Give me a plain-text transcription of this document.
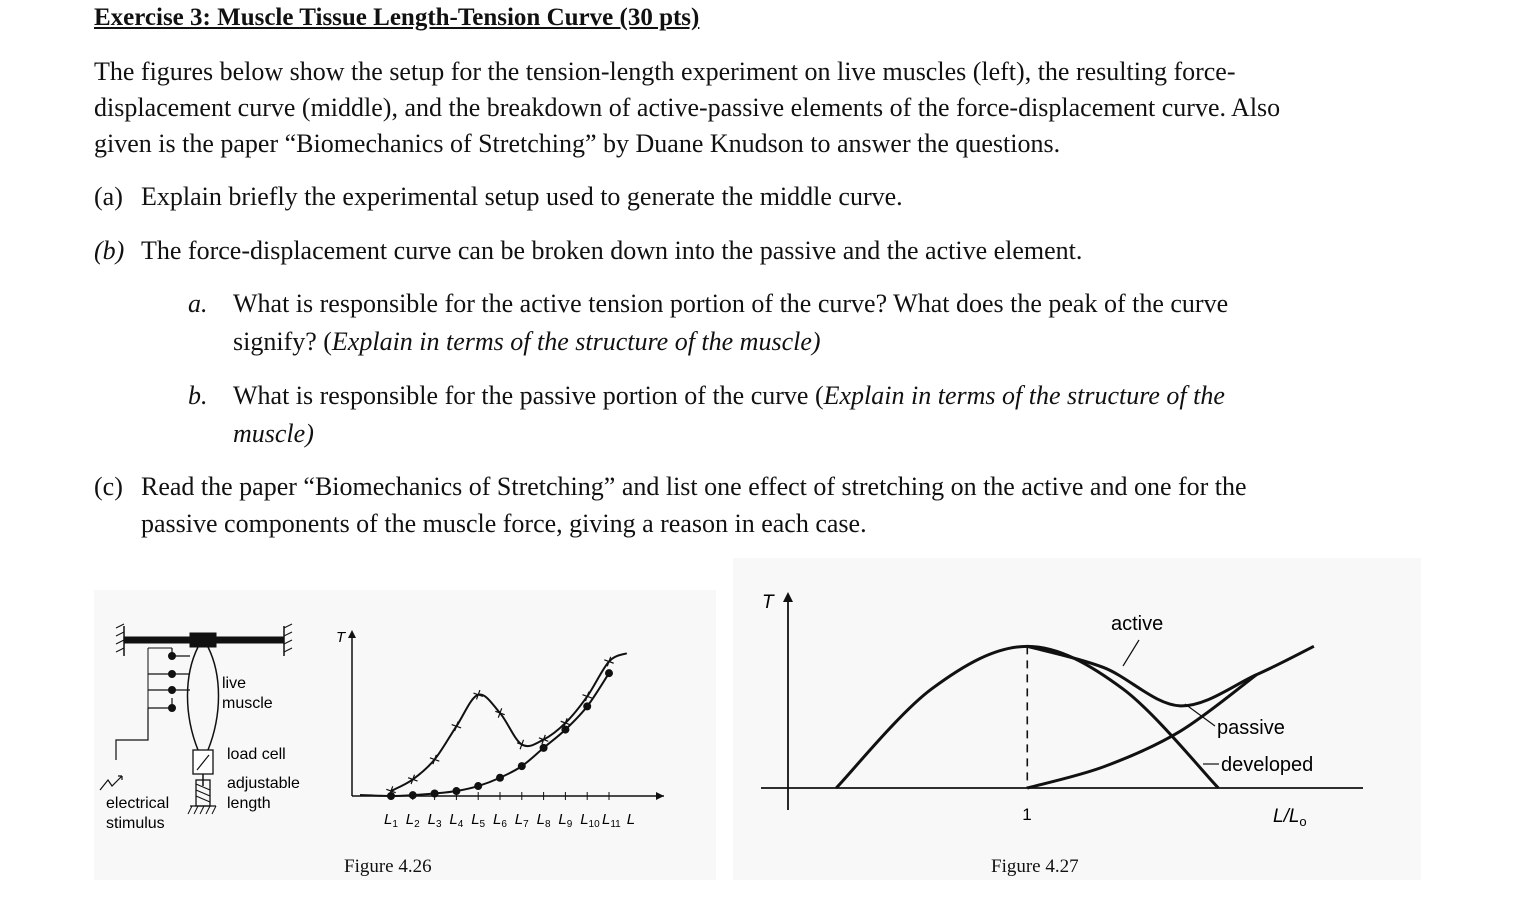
Exercise 3: Muscle Tissue Length-Tension Curve (30 pts)
The figures below show the setup for the tension-length experiment on live muscles (left), the resulting force-
displacement curve (middle), and the breakdown of active-passive elements of the force-displacement curve. Also
given is the paper “Biomechanics of Stretching” by Duane Knudson to answer the questions.
(a) Explain briefly the experimental setup used to generate the middle curve.
(b) The force-displacement curve can be broken down into the passive and the active element.
a. What is responsible for the active tension portion of the curve? What does the peak of the curve
signify? (Explain in terms of the structure of the muscle)
b. What is responsible for the passive portion of the curve (Explain in terms of the structure of the
muscle)
(c) Read the paper “Biomechanics of Stretching” and list one effect of stretching on the active and one for the
passive components of the muscle force, giving a reason in each case.
live
muscle
load cell
adjustable
length
electrical
stimulus
T
$L_1$ $L_2$ $L_3$ $L_4$ $L_5$ $L_6$ $L_7$ $L_8$ $L_9$ $L_{10}$ $L_{11}$ L
Figure 4.26
T
$L/L_o$
1
active
passive
developed
Figure 4.27
